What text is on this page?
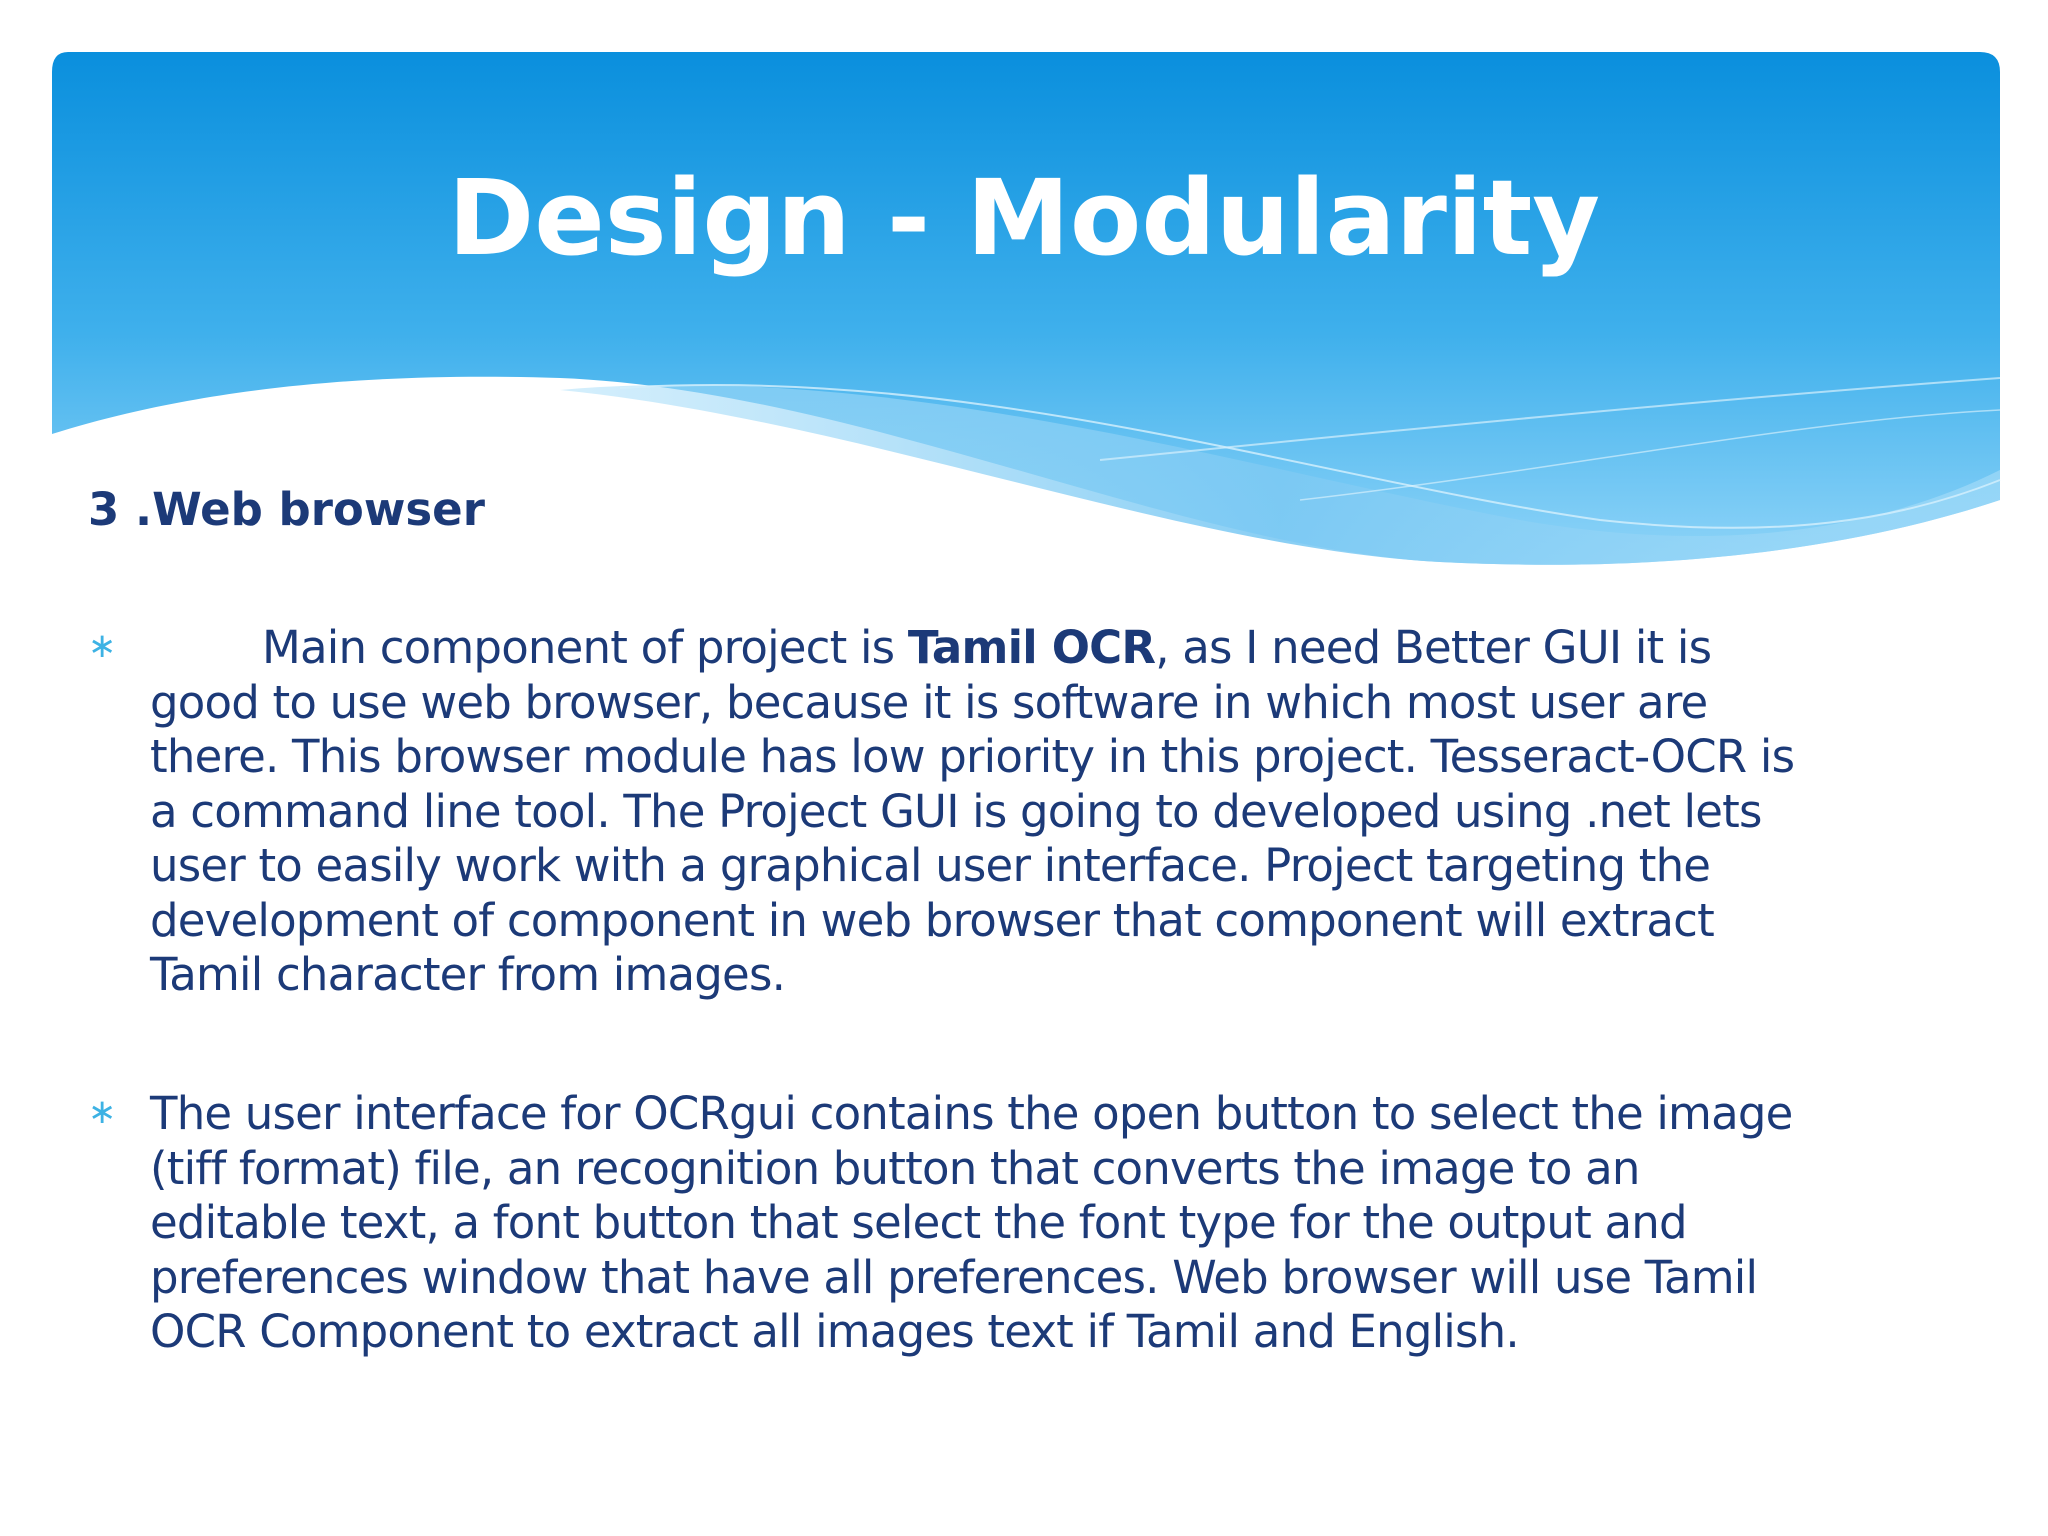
Design - Modularity
3 .Web browser
∗	Main component of project is Tamil OCR, as I need Better GUI it is
good to use web browser, because it is software in which most user are
there. This browser module has low priority in this project. Tesseract-OCR is
a command line tool. The Project GUI is going to developed using .net lets
user to easily work with a graphical user interface. Project targeting the
development of component in web browser that component will extract
Tamil character from images.
∗ The user interface for OCRgui contains the open button to select the image
(tiff format) file, an recognition button that converts the image to an
editable text, a font button that select the font type for the output and
preferences window that have all preferences. Web browser will use Tamil
OCR Component to extract all images text if Tamil and English.
